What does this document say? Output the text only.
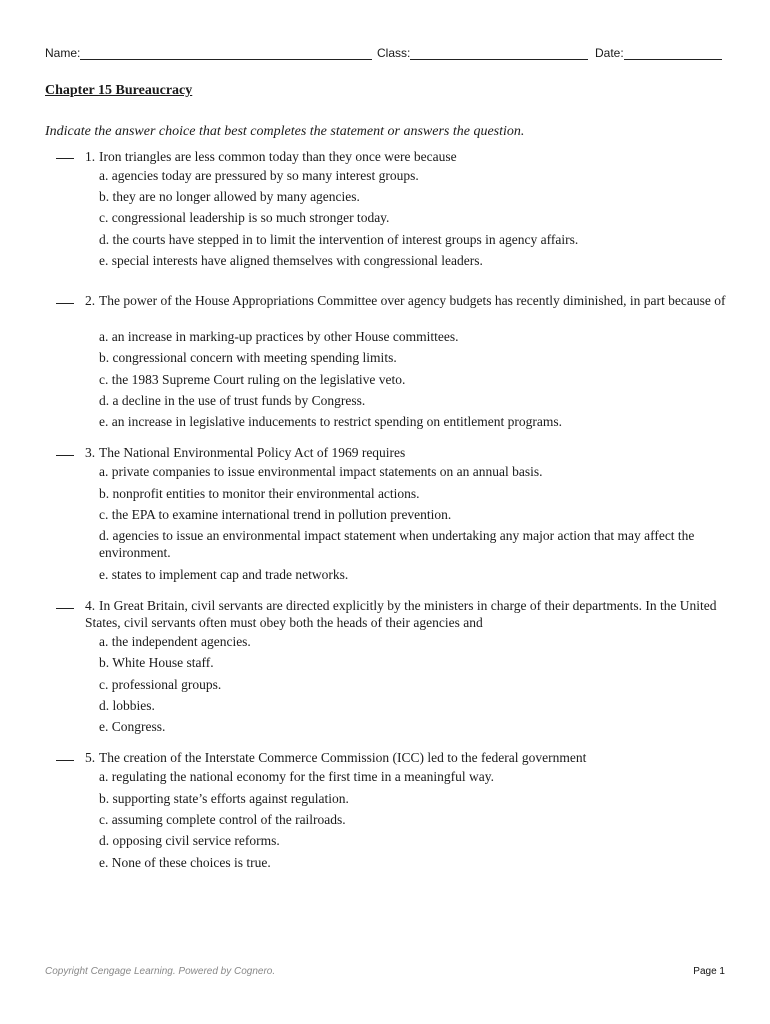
Name:	Class:	Date:
Chapter 15 Bureaucracy
Indicate the answer choice that best completes the statement or answers the question.
1. Iron triangles are less common today than they once were because
a. agencies today are pressured by so many interest groups.
b. they are no longer allowed by many agencies.
c. congressional leadership is so much stronger today.
d. the courts have stepped in to limit the intervention of interest groups in agency affairs.
e. special interests have aligned themselves with congressional leaders.
2. The power of the House Appropriations Committee over agency budgets has recently diminished, in part because of
a. an increase in marking-up practices by other House committees.
b. congressional concern with meeting spending limits.
c. the 1983 Supreme Court ruling on the legislative veto.
d. a decline in the use of trust funds by Congress.
e. an increase in legislative inducements to restrict spending on entitlement programs.
3. The National Environmental Policy Act of 1969 requires
a. private companies to issue environmental impact statements on an annual basis.
b. nonprofit entities to monitor their environmental actions.
c. the EPA to examine international trend in pollution prevention.
d. agencies to issue an environmental impact statement when undertaking any major action that may affect the environment.
e. states to implement cap and trade networks.
4. In Great Britain, civil servants are directed explicitly by the ministers in charge of their departments. In the United States, civil servants often must obey both the heads of their agencies and
a. the independent agencies.
b. White House staff.
c. professional groups.
d. lobbies.
e. Congress.
5. The creation of the Interstate Commerce Commission (ICC) led to the federal government
a. regulating the national economy for the first time in a meaningful way.
b. supporting state’s efforts against regulation.
c. assuming complete control of the railroads.
d. opposing civil service reforms.
e. None of these choices is true.
Copyright Cengage Learning. Powered by Cognero.	Page 1
